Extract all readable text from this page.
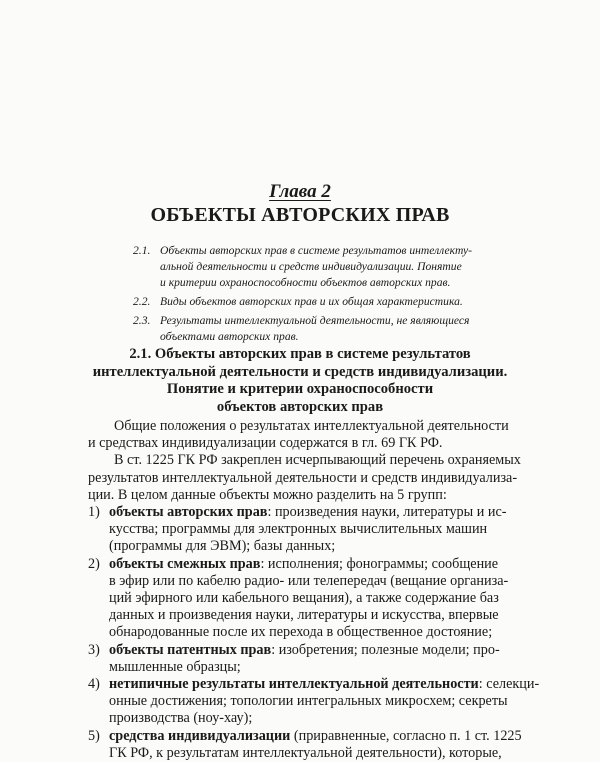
Глава 2
ОБЪЕКТЫ АВТОРСКИХ ПРАВ
2.1. Объекты авторских прав в системе результатов интеллекту-
альной деятельности и средств индивидуализации. Понятие
и критерии охраноспособности объектов авторских прав.
2.2. Виды объектов авторских прав и их общая характеристика.
2.3. Результаты интеллектуальной деятельности, не являющиеся
объектами авторских прав.
2.1. Объекты авторских прав в системе результатов
интеллектуальной деятельности и средств индивидуализации.
Понятие и критерии охраноспособности
объектов авторских прав
Общие положения о результатах интеллектуальной деятельности
и средствах индивидуализации содержатся в гл. 69 ГК РФ.
В ст. 1225 ГК РФ закреплен исчерпывающий перечень охраняемых
результатов интеллектуальной деятельности и средств индивидуализа-
ции. В целом данные объекты можно разделить на 5 групп:
1) объекты авторских прав: произведения науки, литературы и ис-
кусства; программы для электронных вычислительных машин
(программы для ЭВМ); базы данных;
2) объекты смежных прав: исполнения; фонограммы; сообщение
в эфир или по кабелю радио- или телепередач (вещание организа-
ций эфирного или кабельного вещания), а также содержание баз
данных и произведения науки, литературы и искусства, впервые
обнародованные после их перехода в общественное достояние;
3) объекты патентных прав: изобретения; полезные модели; про-
мышленные образцы;
4) нетипичные результаты интеллектуальной деятельности: селекци-
онные достижения; топологии интегральных микросхем; секреты
производства (ноу-хау);
5) средства индивидуализации (приравненные, согласно п. 1 ст. 1225
ГК РФ, к результатам интеллектуальной деятельности), которые,
